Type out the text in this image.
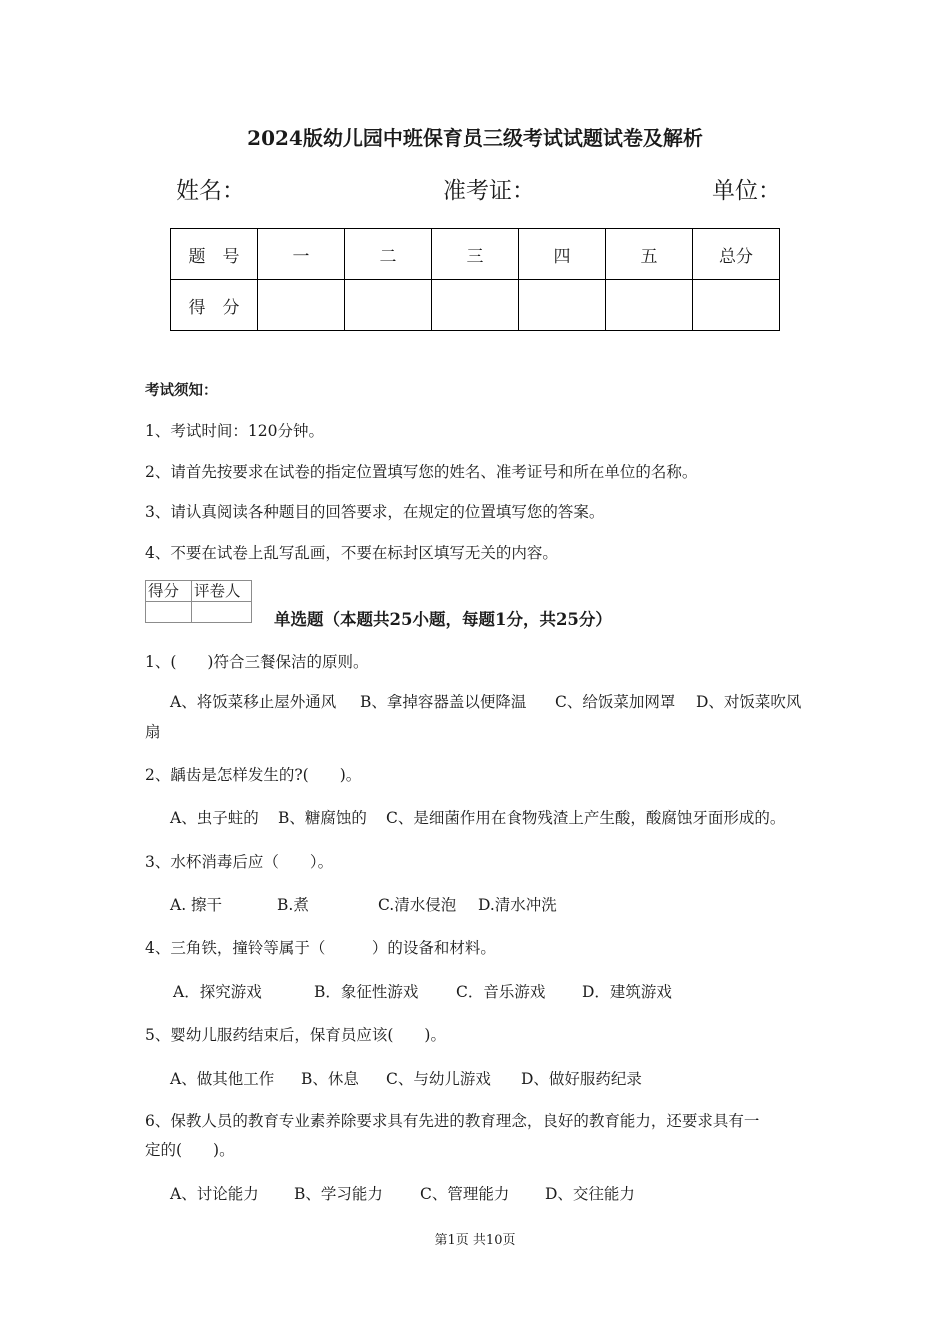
2024版幼儿园中班保育员三级考试试题试卷及解析
姓名：	准考证：	单位：
题　号	一	二	三	四	五	总分
得　分						
考试须知：
1、考试时间：120分钟。
2、请首先按要求在试卷的指定位置填写您的姓名、准考证号和所在单位的名称。
3、请认真阅读各种题目的回答要求，在规定的位置填写您的答案。
4、不要在试卷上乱写乱画，不要在标封区填写无关的内容。
得分	评卷人

单选题（本题共25小题，每题1分，共25分）
1、(　　)符合三餐保洁的原则。
A、将饭菜移止屋外通风 B、拿掉容器盖以便降温 C、给饭菜加网罩 D、对饭菜吹风
扇
2、龋齿是怎样发生的?(　　)。
A、虫子蛀的 B、糖腐蚀的 C、是细菌作用在食物残渣上产生酸，酸腐蚀牙面形成的。
3、水杯消毒后应（　　）。
A. 擦干	B.煮	C.清水侵泡 D.清水冲洗
4、三角铁，撞铃等属于（　　　）的设备和材料。
A．探究游戏	B．象征性游戏 C．音乐游戏 D．建筑游戏
5、婴幼儿服药结束后，保育员应该(　　)。
A、做其他工作 B、休息 C、与幼儿游戏 D、做好服药纪录
6、保教人员的教育专业素养除要求具有先进的教育理念，良好的教育能力，还要求具有一
定的(　　)。
A、讨论能力 B、学习能力 C、管理能力 D、交往能力
第1页 共10页
